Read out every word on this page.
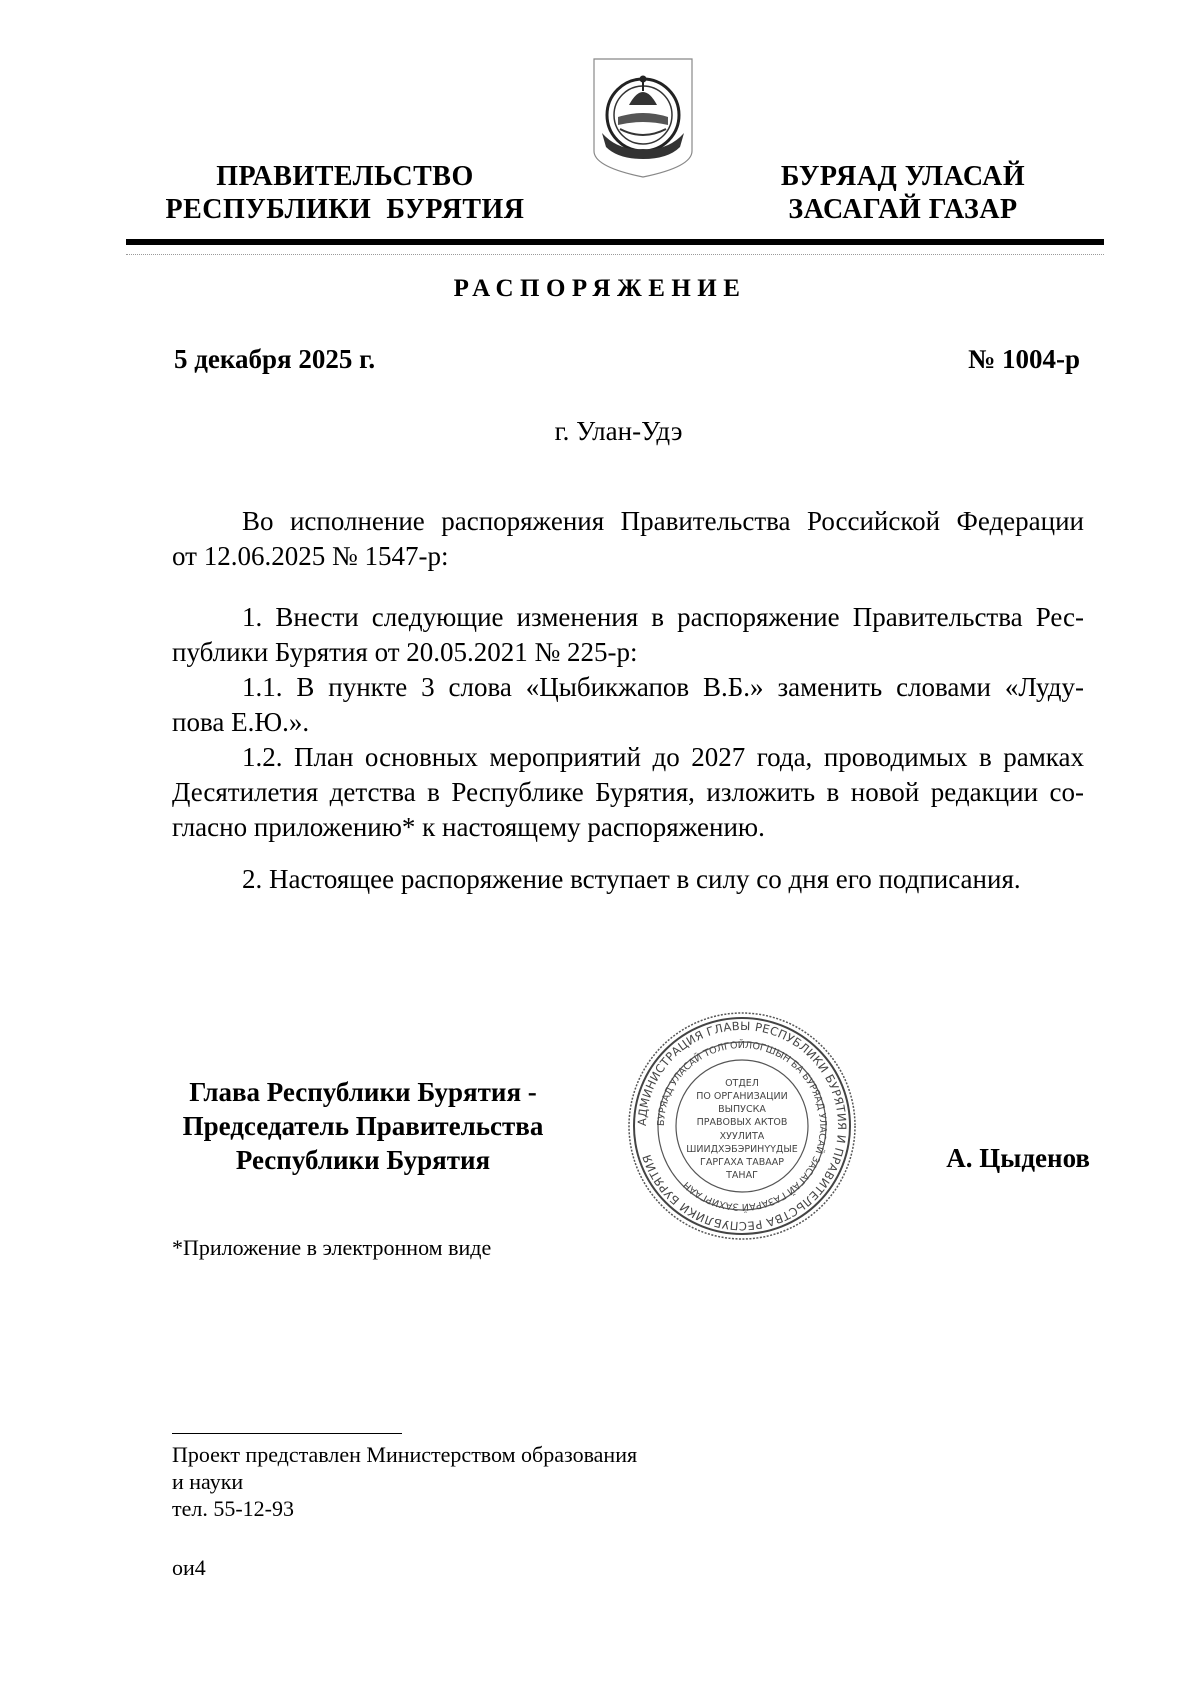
ПРАВИТЕЛЬСТВО
РЕСПУБЛИКИ  БУРЯТИЯ
БУРЯАД УЛАСАЙ
ЗАСАГАЙ ГАЗАР
РАСПОРЯЖЕНИЕ
5 декабря 2025 г.	№ 1004-р
г. Улан-Удэ

Во исполнение распоряжения Правительства Российской Федерации

от 12.06.2025 № 1547-р:

1. Внести следующие изменения в распоряжение Правительства Рес-

публики Бурятия от 20.05.2021 № 225-р:

1.1. В пункте 3 слова «Цыбикжапов В.Б.» заменить словами «Луду-

пова Е.Ю.».

1.2. План основных мероприятий до 2027 года, проводимых в рамках

Десятилетия детства в Республике Бурятия, изложить в новой редакции со-

гласно приложению* к настоящему распоряжению.

2. Настоящее распоряжение вступает в силу со дня его подписания.

Глава Республики Бурятия -
Председатель Правительства
Республики Бурятия	А. Цыденов
АДМИНИСТРАЦИЯ ГЛАВЫ РЕСПУБЛИКИ БУРЯТИЯ И ПРАВИТЕЛЬСТВА РЕСПУБЛИКИ БУРЯТИЯ
БУРЯАД УЛАСАЙ ТОЛГОЙЛОГШЫН БА БУРЯАД УЛАСАЙ ЗАСАГАЙ ГАЗАРАЙ ЗАХИРГААН
ОТДЕЛ
ПО ОРГАНИЗАЦИИ
ВЫПУСКА
ПРАВОВЫХ АКТОВ
ХУУЛИТА
ШИИДХЭБЭРИНҮҮДЫЕ
ГАРГАХА ТАВААР
ТАНАГ
*Приложение в электронном виде
Проект представлен Министерством образования
и науки
тел. 55-12-93
ои4
